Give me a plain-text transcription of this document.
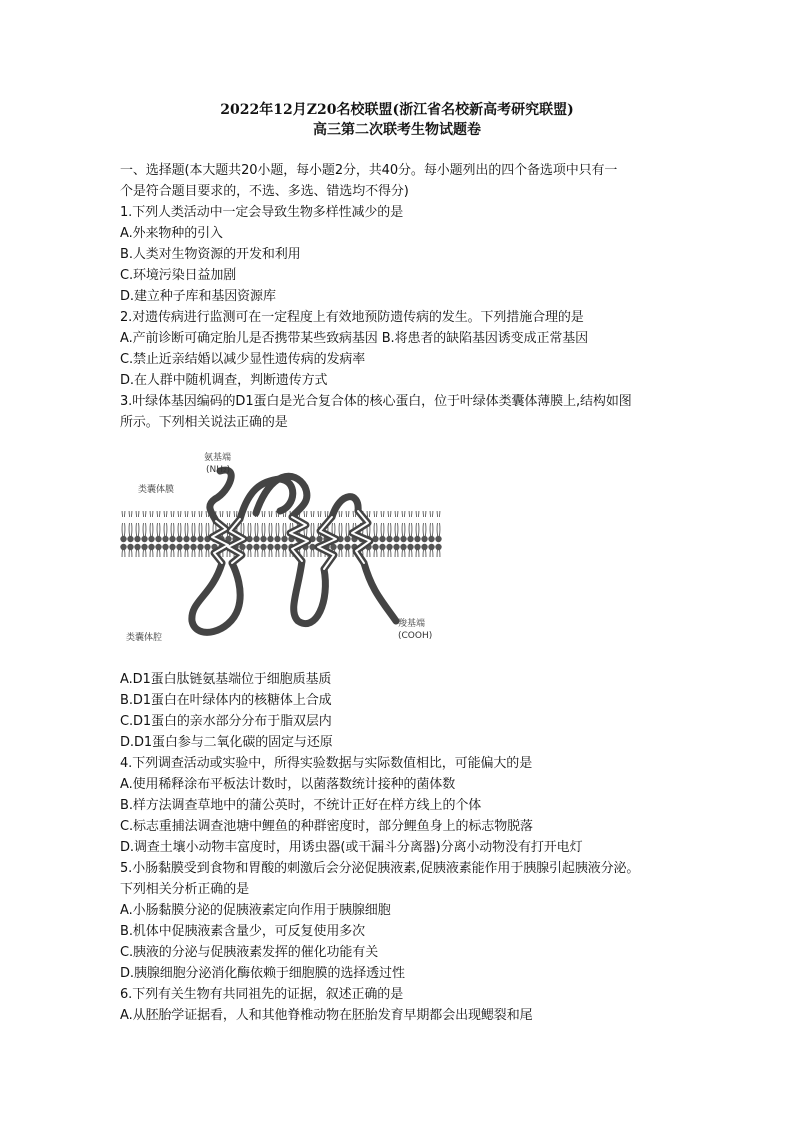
2022年12月Z20名校联盟(浙江省名校新高考研究联盟)
高三第二次联考生物试题卷
一、选择题(本大题共20小题，每小题2分，共40分。每小题列出的四个备选项中只有一
个是符合题目要求的，不选、多选、错选均不得分)
1.下列人类活动中一定会导致生物多样性减少的是
A.外来物种的引入
B.人类对生物资源的开发和利用
C.环境污染日益加剧
D.建立种子库和基因资源库
2.对遗传病进行监测可在一定程度上有效地预防遗传病的发生。下列措施合理的是
A.产前诊断可确定胎儿是否携带某些致病基因 B.将患者的缺陷基因诱变成正常基因
C.禁止近亲结婚以减少显性遗传病的发病率
D.在人群中随机调查，判断遗传方式
3.叶绿体基因编码的D1蛋白是光合复合体的核心蛋白，位于叶绿体类囊体薄膜上,结构如图
所示。下列相关说法正确的是
氨基端
(NH₂)
类囊体膜
类囊体腔
羧基端
(COOH)
A.D1蛋白肽链氨基端位于细胞质基质
B.D1蛋白在叶绿体内的核糖体上合成
C.D1蛋白的亲水部分分布于脂双层内
D.D1蛋白参与二氧化碳的固定与还原
4.下列调查活动或实验中，所得实验数据与实际数值相比，可能偏大的是
A.使用稀释涂布平板法计数时，以菌落数统计接种的菌体数
B.样方法调查草地中的蒲公英时，不统计正好在样方线上的个体
C.标志重捕法调查池塘中鲤鱼的种群密度时，部分鲤鱼身上的标志物脱落
D.调查土壤小动物丰富度时，用诱虫器(或干漏斗分离器)分离小动物没有打开电灯
5.小肠黏膜受到食物和胃酸的刺激后会分泌促胰液素,促胰液素能作用于胰腺引起胰液分泌。
下列相关分析正确的是
A.小肠黏膜分泌的促胰液素定向作用于胰腺细胞
B.机体中促胰液素含量少，可反复使用多次
C.胰液的分泌与促胰液素发挥的催化功能有关
D.胰腺细胞分泌消化酶依赖于细胞膜的选择透过性
6.下列有关生物有共同祖先的证据，叙述正确的是
A.从胚胎学证据看，人和其他脊椎动物在胚胎发育早期都会出现鳃裂和尾
